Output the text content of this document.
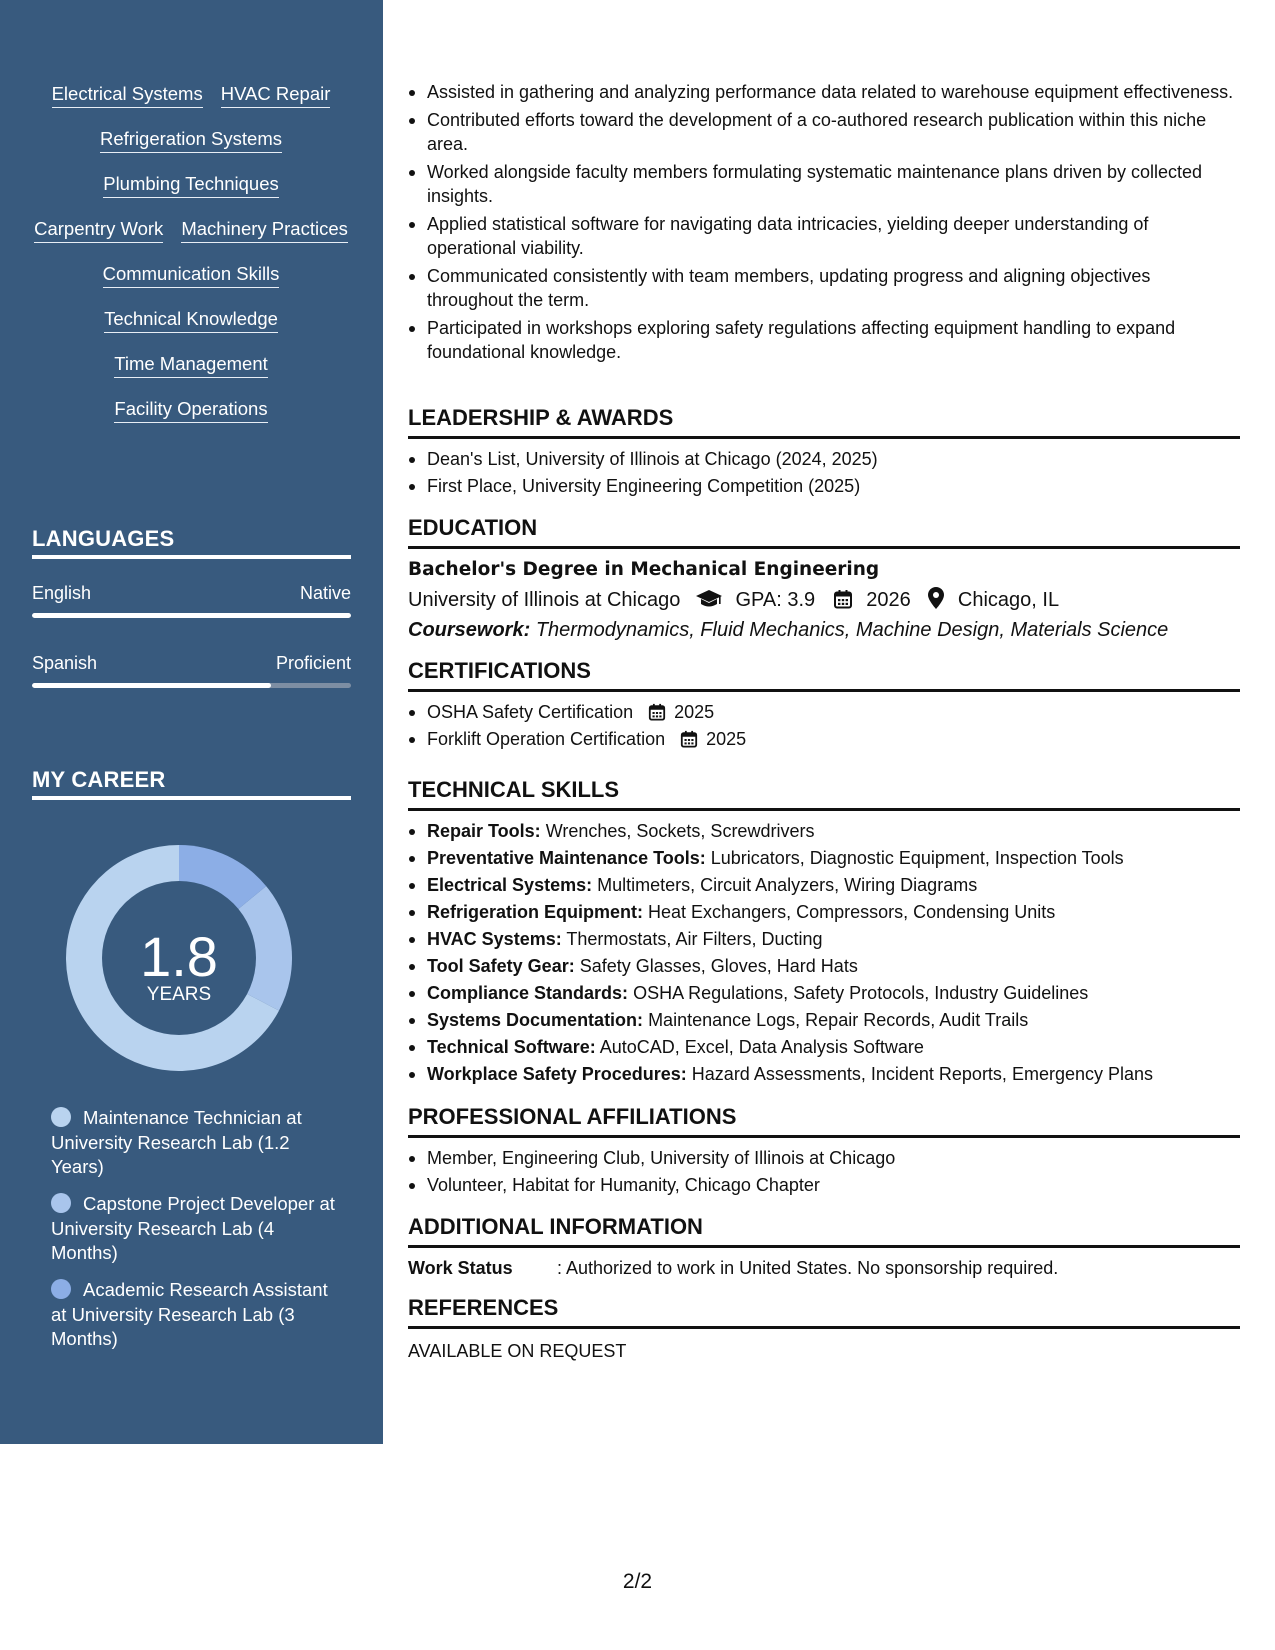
Electrical Systems HVAC Repair
Refrigeration Systems
Plumbing Techniques
Carpentry Work Machinery Practices
Communication Skills
Technical Knowledge
Time Management
Facility Operations
LANGUAGES
English	Native
Spanish	Proficient
MY CAREER
1.8
YEARS
Maintenance Technician at University Research Lab (1.2 Years)
Capstone Project Developer at University Research Lab (4 Months)
Academic Research Assistant at University Research Lab (3 Months)
Assisted in gathering and analyzing performance data related to warehouse equipment effectiveness.
Contributed efforts toward the development of a co-authored research publication within this niche area.
Worked alongside faculty members formulating systematic maintenance plans driven by collected insights.
Applied statistical software for navigating data intricacies, yielding deeper understanding of operational viability.
Communicated consistently with team members, updating progress and aligning objectives throughout the term.
Participated in workshops exploring safety regulations affecting equipment handling to expand foundational knowledge.
LEADERSHIP & AWARDS
Dean's List, University of Illinois at Chicago (2024, 2025)
First Place, University Engineering Competition (2025)
EDUCATION
Bachelor's Degree in Mechanical Engineering
University of Illinois at Chicago	GPA: 3.9	2026 Chicago, IL
Coursework: Thermodynamics, Fluid Mechanics, Machine Design, Materials Science
CERTIFICATIONS
OSHA Safety Certification 2025
Forklift Operation Certification 2025
TECHNICAL SKILLS
Repair Tools: Wrenches, Sockets, Screwdrivers
Preventative Maintenance Tools: Lubricators, Diagnostic Equipment, Inspection Tools
Electrical Systems: Multimeters, Circuit Analyzers, Wiring Diagrams
Refrigeration Equipment: Heat Exchangers, Compressors, Condensing Units
HVAC Systems: Thermostats, Air Filters, Ducting
Tool Safety Gear: Safety Glasses, Gloves, Hard Hats
Compliance Standards: OSHA Regulations, Safety Protocols, Industry Guidelines
Systems Documentation: Maintenance Logs, Repair Records, Audit Trails
Technical Software: AutoCAD, Excel, Data Analysis Software
Workplace Safety Procedures: Hazard Assessments, Incident Reports, Emergency Plans
PROFESSIONAL AFFILIATIONS
Member, Engineering Club, University of Illinois at Chicago
Volunteer, Habitat for Humanity, Chicago Chapter
ADDITIONAL INFORMATION
Work Status : Authorized to work in United States. No sponsorship required.
REFERENCES
AVAILABLE ON REQUEST
2/2
